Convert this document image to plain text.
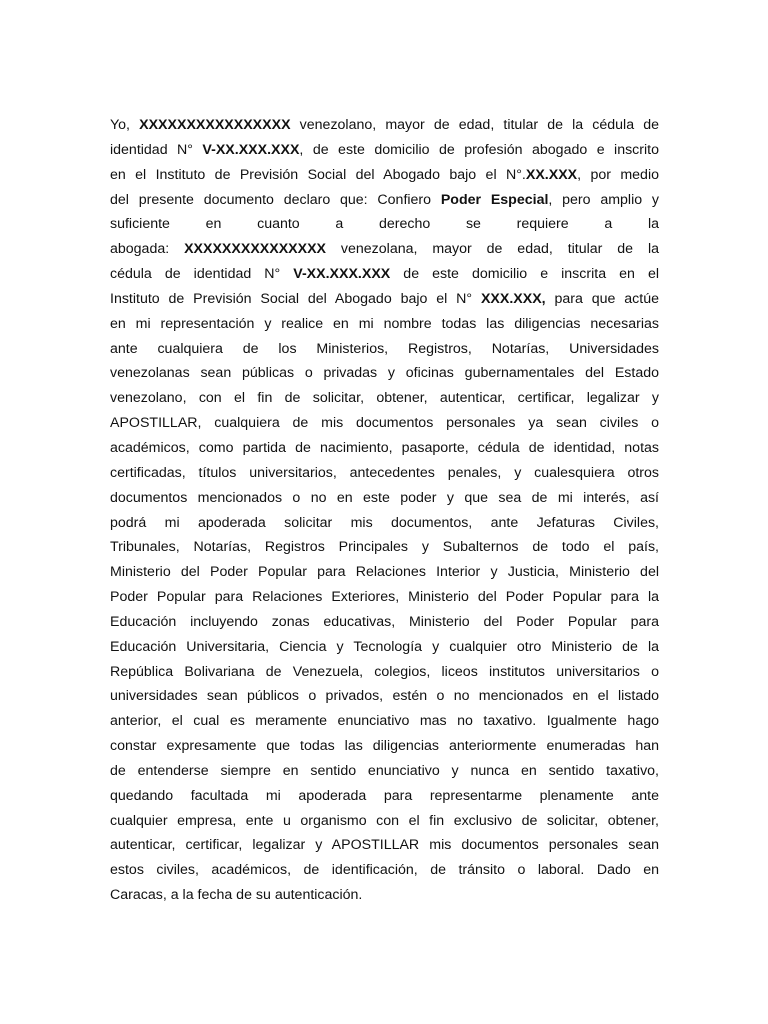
Yo, XXXXXXXXXXXXXXXX venezolano, mayor de edad, titular de la cédula de
identidad N° V-XX.XXX.XXX, de este domicilio de profesión abogado e inscrito
en el Instituto de Previsión Social del Abogado bajo el N°.XX.XXX, por medio
del presente documento declaro que: Confiero Poder Especial, pero amplio y
suficiente en cuanto a derecho se requiere a la
abogada: XXXXXXXXXXXXXXX venezolana, mayor de edad, titular de la
cédula de identidad N° V-XX.XXX.XXX de este domicilio e inscrita en el
Instituto de Previsión Social del Abogado bajo el N° XXX.XXX, para que actúe
en mi representación y realice en mi nombre todas las diligencias necesarias
ante cualquiera de los Ministerios, Registros, Notarías, Universidades
venezolanas sean públicas o privadas y oficinas gubernamentales del Estado
venezolano, con el fin de solicitar, obtener, autenticar, certificar, legalizar y
APOSTILLAR, cualquiera de mis documentos personales ya sean civiles o
académicos, como partida de nacimiento, pasaporte, cédula de identidad, notas
certificadas, títulos universitarios, antecedentes penales, y cualesquiera otros
documentos mencionados o no en este poder y que sea de mi interés, así
podrá mi apoderada solicitar mis documentos, ante Jefaturas Civiles,
Tribunales, Notarías, Registros Principales y Subalternos de todo el país,
Ministerio del Poder Popular para Relaciones Interior y Justicia, Ministerio del
Poder Popular para Relaciones Exteriores, Ministerio del Poder Popular para la
Educación incluyendo zonas educativas, Ministerio del Poder Popular para
Educación Universitaria, Ciencia y Tecnología y cualquier otro Ministerio de la
República Bolivariana de Venezuela, colegios, liceos institutos universitarios o
universidades sean públicos o privados, estén o no mencionados en el listado
anterior, el cual es meramente enunciativo mas no taxativo. Igualmente hago
constar expresamente que todas las diligencias anteriormente enumeradas han
de entenderse siempre en sentido enunciativo y nunca en sentido taxativo,
quedando facultada mi apoderada para representarme plenamente ante
cualquier empresa, ente u organismo con el fin exclusivo de solicitar, obtener,
autenticar, certificar, legalizar y APOSTILLAR mis documentos personales sean
estos civiles, académicos, de identificación, de tránsito o laboral. Dado en
Caracas, a la fecha de su autenticación.
